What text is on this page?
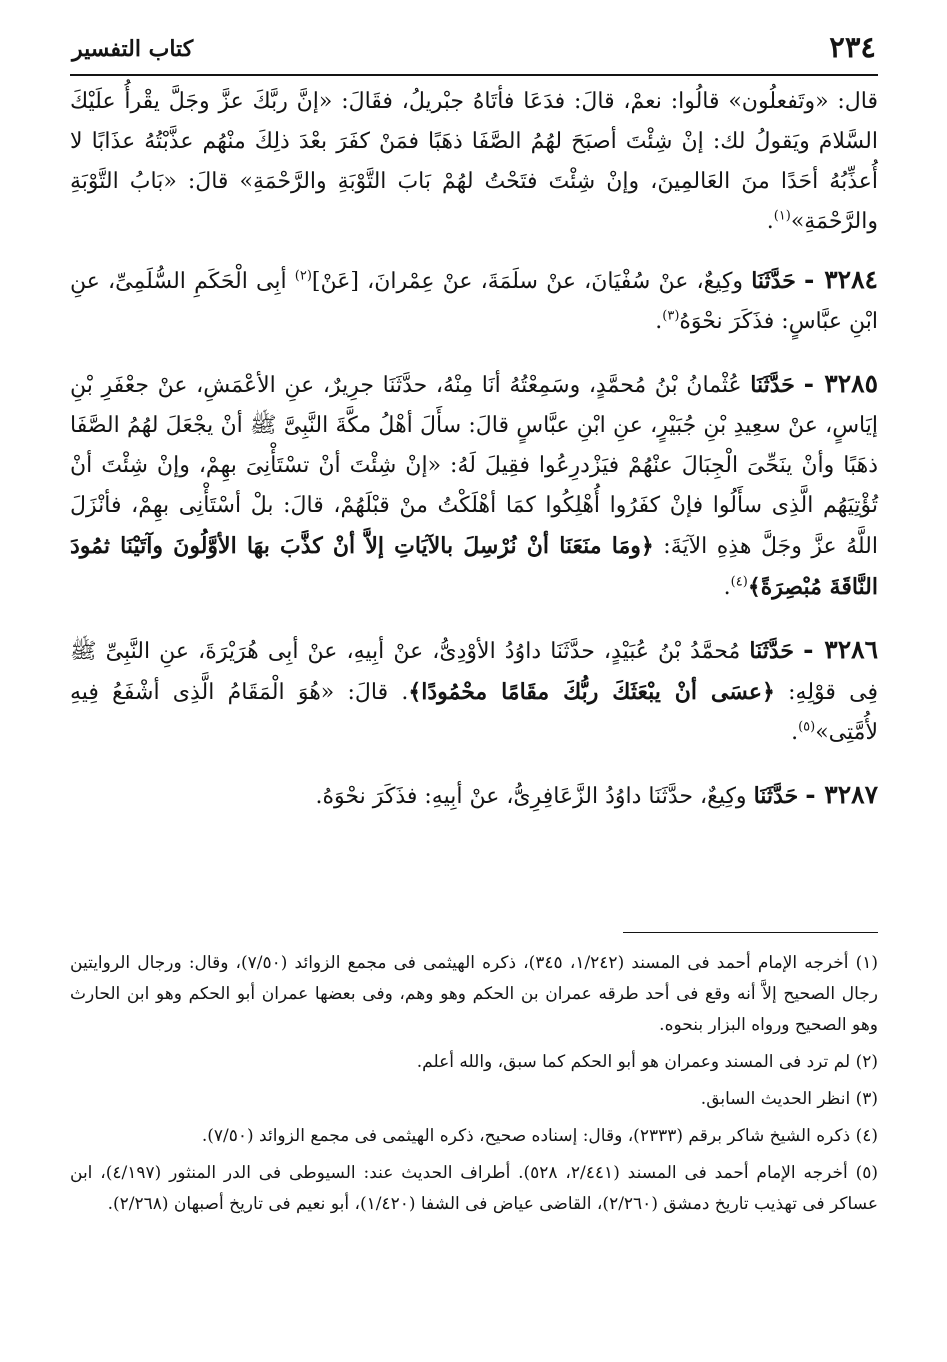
٢٣٤
كتاب التفسير

قال: «وتَفعلُون» قالُوا: نعمْ، قالَ: فدَعَا فأتَاهُ جبْريلُ، فقَالَ: «إنَّ ربَّكَ عزَّ وجَلَّ يقْرأُ علَيْكَ السَّلامَ ويَقولُ لك: إنْ شِئْتَ أصبَحَ لهُمُ الصَّفَا ذهَبًا فمَنْ كفَرَ بعْدَ ذلِكَ منْهُم عذَّبْتُهُ عذَابًا لا أُعذِّبُهُ أحَدًا منَ العَالمِينَ، وإنْ شِئْتَ فتَحْتُ لهُمْ بَابَ التَّوْبَةِ والرَّحْمَةِ» قالَ: «بَابُ التَّوْبَةِ والرَّحْمَةِ»$^{(١)}$.

٣٢٨٤ - حَدَّثَنَا وكِيعٌ، عنْ سُفْيَانَ، عنْ سلَمَةَ، عنْ عِمْرانَ، [عَنْ]$^{(٢)}$ أبِى الْحَكَمِ السُّلَمِىِّ، عنِ ابْنِ عبَّاسٍ: فذَكَرَ نحْوَهُ$^{(٣)}$.

٣٢٨٥ - حَدَّثَنَا عُثْمانُ بْنُ مُحمَّدٍ، وسَمِعْتُهُ أنَا مِنْهُ، حدَّثَنَا جرِيرٌ، عنِ الأعْمَشِ، عنْ جعْفَرِ بْنِ إيَاسٍ، عنْ سعِيدِ بْنِ جُبَيْرٍ، عنِ ابْنِ عبَّاسٍ قالَ: سأَلَ أهْلُ مكَّةَ النَّبِىَّ ﷺ أنْ يجْعَلَ لهُمُ الصَّفَا ذهَبًا وأنْ ينَحِّىَ الْجِبَالَ عنْهُمْ فيَزْدرِعُوا فقِيلَ لَهُ: «إنْ شِئْتَ أنْ تسْتَأْنِىَ بهِمْ، وإنْ شِئْتَ أنْ تُؤْتِيَهُم الَّذِى سأَلُوا فإنْ كفَرُوا أُهْلِكُوا كمَا أهْلَكْتُ منْ قبْلَهُمْ، قالَ: بلْ أسْتَأْنِى بهِمْ، فأنْزَلَ اللَّهُ عزَّ وجَلَّ هذِهِ الآيَةَ: ﴿ومَا منَعَنَا أنْ نُرْسِلَ بالآيَاتِ إلاَّ أنْ كذَّبَ بهَا الأوَّلُونَ وآتَيْنَا ثمُودَ النَّاقَةَ مُبْصِرَةً﴾$^{(٤)}$.

٣٢٨٦ - حَدَّثَنَا مُحمَّدُ بْنُ عُبَيْدٍ، حدَّثَنَا داوُدُ الأوْدِىُّ، عنْ أبِيهِ، عنْ أبِى هُرَيْرَةَ، عنِ النَّبِىِّ ﷺ فِى قوْلِهِ: ﴿عسَى أنْ يبْعَثَكَ ربُّكَ مقَامًا محْمُودًا﴾. قالَ: «هُوَ الْمَقَامُ الَّذِى أشْفَعُ فِيهِ لأُمَّتِى»$^{(٥)}$.

٣٢٨٧ - حَدَّثَنَا وكِيعٌ، حدَّثَنَا داوُدُ الزَّعَافِرِىُّ، عنْ أبِيهِ: فذَكَرَ نحْوَهُ.

(١) أخرجه الإمام أحمد فى المسند (١/٢٤٢، ٣٤٥)، ذكره الهيثمى فى مجمع الزوائد (٧/٥٠)، وقال: ورجال الروايتين رجال الصحيح إلاَّ أنه وقع فى أحد طرقه عمران بن الحكم وهو وهم، وفى بعضها عمران أبو الحكم وهو ابن الحارث وهو الصحيح ورواه البزار بنحوه.

(٢) لم ترد فى المسند وعمران هو أبو الحكم كما سبق، والله أعلم.

(٣) انظر الحديث السابق.

(٤) ذكره الشيخ شاكر برقم (٢٣٣٣)، وقال: إسناده صحيح، ذكره الهيثمى فى مجمع الزوائد (٧/٥٠).

(٥) أخرجه الإمام أحمد فى المسند (٢/٤٤١، ٥٢٨). أطراف الحديث عند: السيوطى فى الدر المنثور (٤/١٩٧)، ابن عساكر فى تهذيب تاريخ دمشق (٢/٢٦٠)، القاضى عياض فى الشفا (١/٤٢٠)، أبو نعيم فى تاريخ أصبهان (٢/٢٦٨).
